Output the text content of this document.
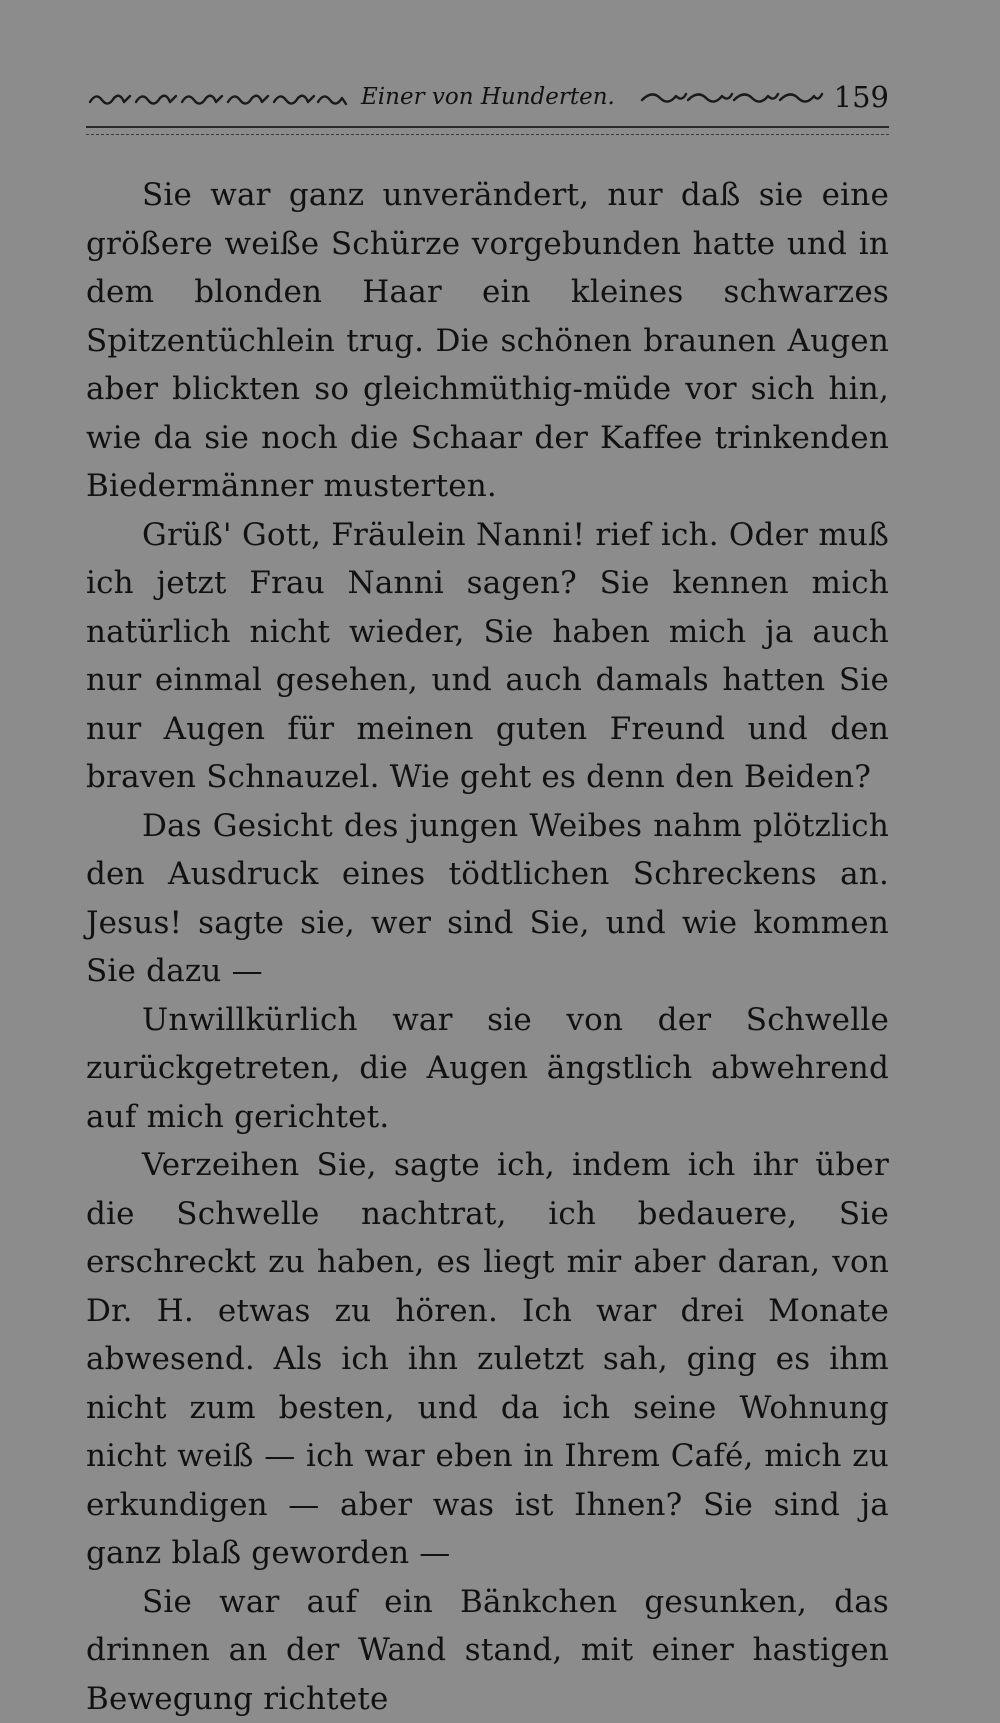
Einer von Hunderten.	159

Sie war ganz unverändert, nur daß sie eine größere weiße Schürze vorgebunden hatte und in dem blonden Haar ein kleines schwarzes Spitzentüchlein trug. Die schönen braunen Augen aber blickten so gleichmüthig-müde vor sich hin, wie da sie noch die Schaar der Kaffee trinkenden Biedermänner musterten.

Grüß' Gott, Fräulein Nanni! rief ich. Oder muß ich jetzt Frau Nanni sagen? Sie kennen mich natürlich nicht wieder, Sie haben mich ja auch nur einmal gesehen, und auch damals hatten Sie nur Augen für meinen guten Freund und den braven Schnauzel. Wie geht es denn den Beiden?

Das Gesicht des jungen Weibes nahm plötzlich den Ausdruck eines tödtlichen Schreckens an. Jesus! sagte sie, wer sind Sie, und wie kommen Sie dazu —

Unwillkürlich war sie von der Schwelle zurückgetreten, die Augen ängstlich abwehrend auf mich gerichtet.

Verzeihen Sie, sagte ich, indem ich ihr über die Schwelle nachtrat, ich bedauere, Sie erschreckt zu haben, es liegt mir aber daran, von Dr. H. etwas zu hören. Ich war drei Monate abwesend. Als ich ihn zuletzt sah, ging es ihm nicht zum besten, und da ich seine Wohnung nicht weiß — ich war eben in Ihrem Café, mich zu erkundigen — aber was ist Ihnen? Sie sind ja ganz blaß geworden —

Sie war auf ein Bänkchen gesunken, das drinnen an der Wand stand, mit einer hastigen Bewegung richtete
